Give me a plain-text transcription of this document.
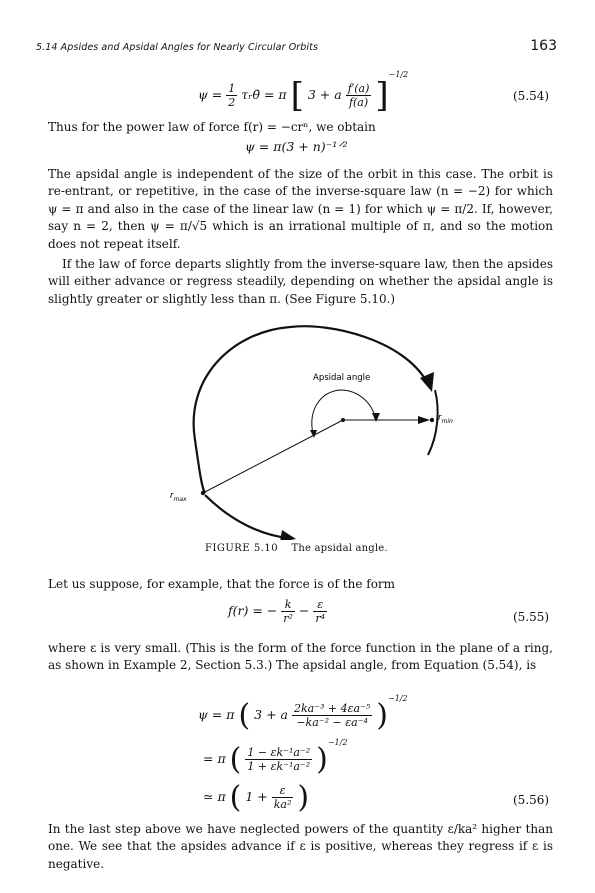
5.14 Apsides and Apsidal Angles for Nearly Circular Orbits	163
$\psi = \frac{1}{2}$ τᵣθ̇ = π [ 3 + a $\frac{f'(a)}{f(a)} ]^{-1/2}$
(5.54)

Thus for the power law of force f(r) = −crⁿ, we obtain

ψ = π(3 + n)⁻¹ᐟ²

The apsidal angle is independent of the size of the orbit in this case. The orbit is re-entrant, or repetitive, in the case of the inverse-square law (n = −2) for which ψ = π and also in the case of the linear law (n = 1) for which ψ = π/2. If, however, say n = 2, then ψ = π/√5 which is an irrational multiple of π, and so the motion does not repeat itself.

If the law of force departs slightly from the inverse-square law, then the apsides will either advance or regress steadily, depending on whether the apsidal angle is slightly greater or slightly less than π. (See Figure 5.10.)

Apsidal angle
$r_{min}$
$r_{max}$
FIGURE 5.10 The apsidal angle.

Let us suppose, for example, that the force is of the form

f(r) = − $\frac{k}{\text{r²}} - \frac{\varepsilon}{\text{r⁴}}$	(5.55)

where ε is very small. (This is the form of the force function in the plane of a ring, as shown in Example 2, Section 5.3.) The apsidal angle, from Equation (5.54), is

ψ = π ( 3 + a $\frac{\text{2ka⁻³ + 4εa⁻⁵}}{\text{−ka⁻² − εa⁻⁴}} )^{-1/2}$
= π ( $\frac{\text{1 − εk⁻¹a⁻²}}{\text{1 + εk⁻¹a⁻²}} )^{-1/2}$
≃ π ( $1 + \frac{\varepsilon}{\text{ka²}}$ )	(5.56)

In the last step above we have neglected powers of the quantity ε/ka² higher than one. We see that the apsides advance if ε is positive, whereas they regress if ε is negative.
